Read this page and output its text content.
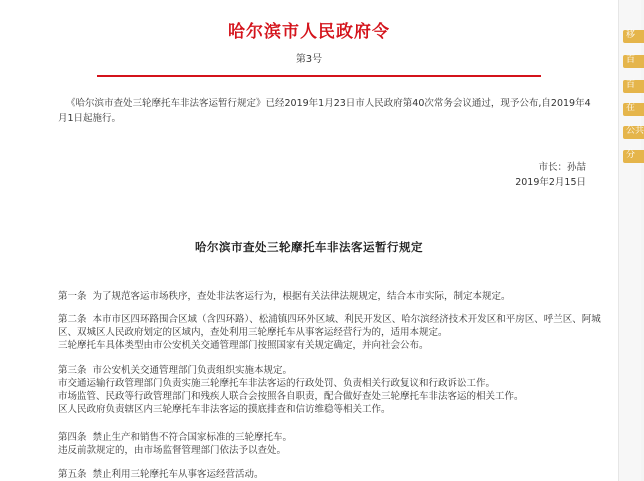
哈尔滨市人民政府令
第3号
《哈尔滨市查处三轮摩托车非法客运暂行规定》已经2019年1月23日市人民政府第40次常务会议通过，现予公布,自2019年4月1日起施行。
市长：孙喆
2019年2月15日
哈尔滨市查处三轮摩托车非法客运暂行规定
第一条 为了规范客运市场秩序，查处非法客运行为，根据有关法律法规规定，结合本市实际，制定本规定。
第二条 本市市区四环路围合区域（含四环路）、松浦镇四环外区域、利民开发区、哈尔滨经济技术开发区和平房区、呼兰区、阿城
区、双城区人民政府划定的区域内，查处利用三轮摩托车从事客运经营行为的，适用本规定。
三轮摩托车具体类型由市公安机关交通管理部门按照国家有关规定确定，并向社会公布。
第三条 市公安机关交通管理部门负责组织实施本规定。
市交通运输行政管理部门负责实施三轮摩托车非法客运的行政处罚、负责相关行政复议和行政诉讼工作。
市场监管、民政等行政管理部门和残疾人联合会按照各自职责，配合做好查处三轮摩托车非法客运的相关工作。
区人民政府负责辖区内三轮摩托车非法客运的摸底排查和信访维稳等相关工作。
第四条 禁止生产和销售不符合国家标准的三轮摩托车。
违反前款规定的，由市场监督管理部门依法予以查处。
第五条 禁止利用三轮摩托车从事客运经营活动。
移
百
百
在
公共
分
